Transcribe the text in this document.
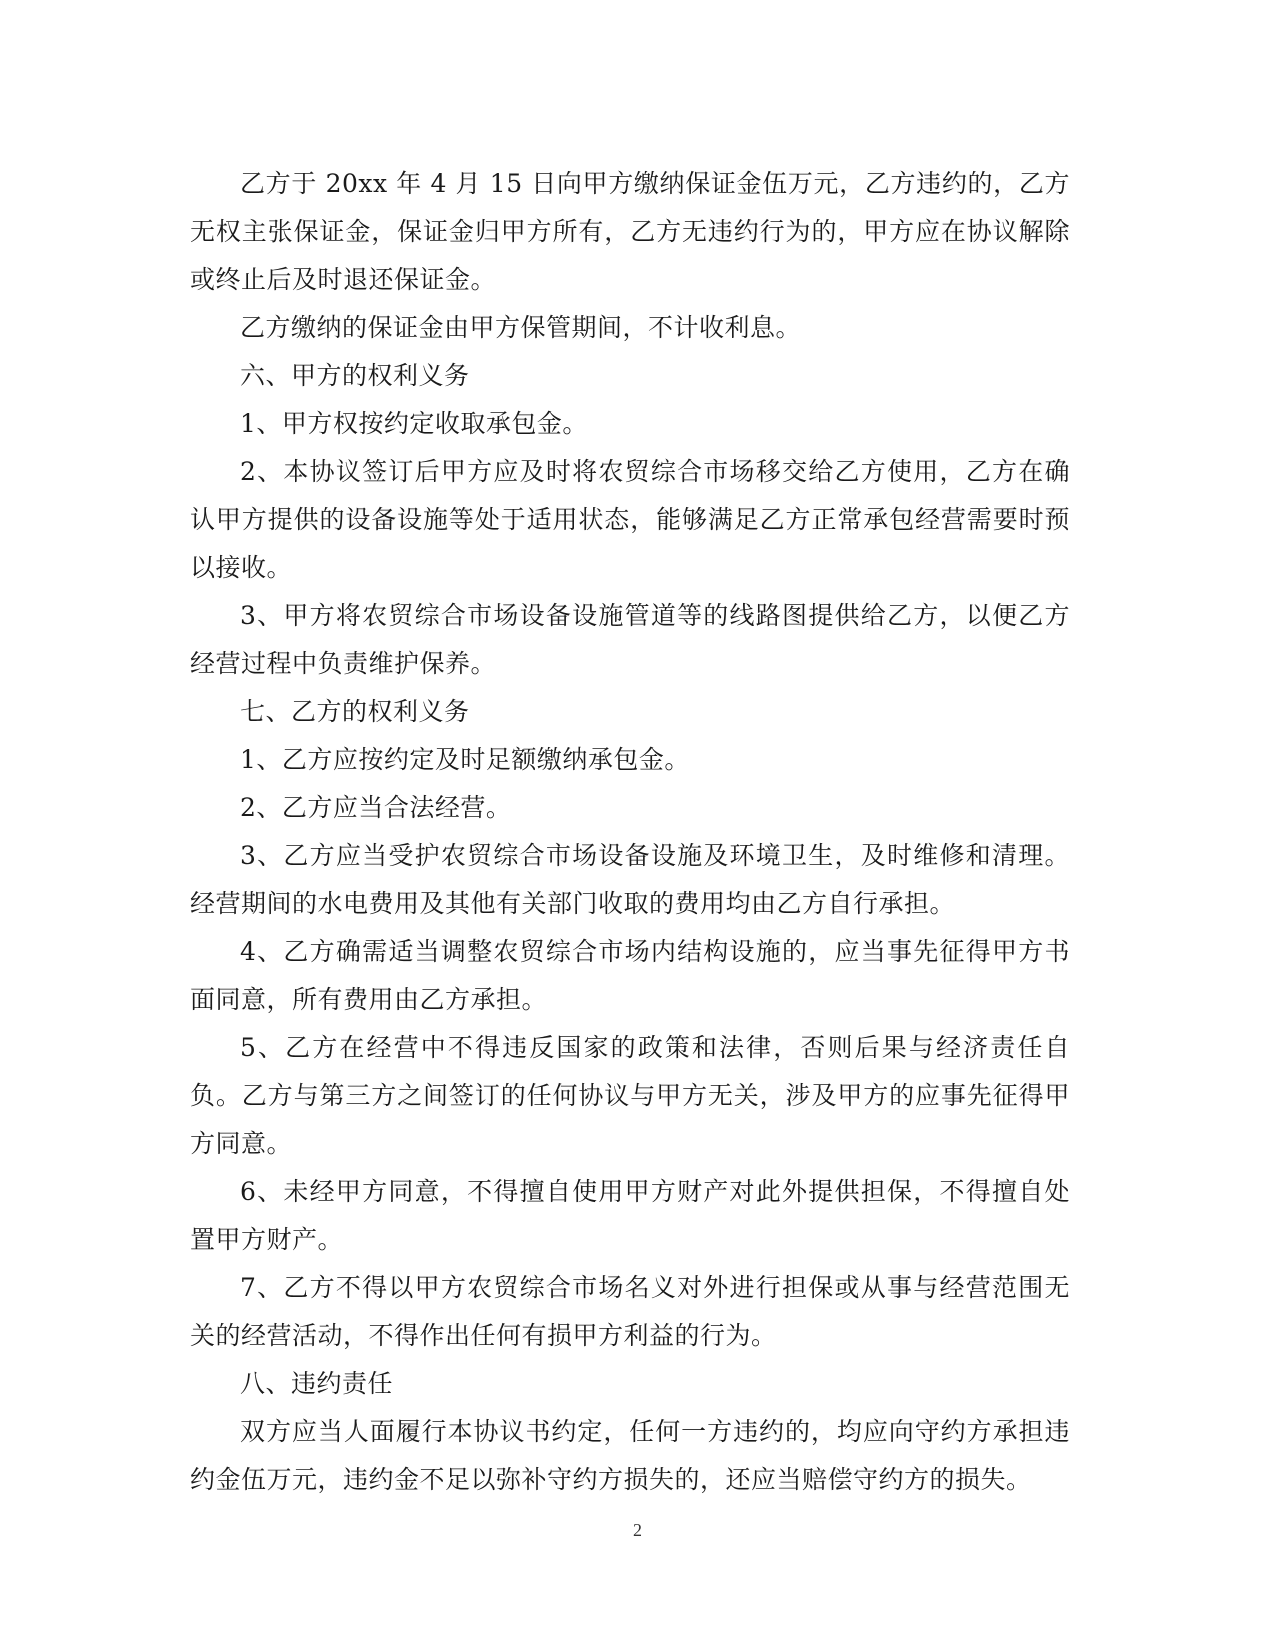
乙方于 20xx 年 4 月 15 日向甲方缴纳保证金伍万元，乙方违约的，乙方无权主张保证金，保证金归甲方所有，乙方无违约行为的，甲方应在协议解除或终止后及时退还保证金。

乙方缴纳的保证金由甲方保管期间，不计收利息。

六、甲方的权利义务

1、甲方权按约定收取承包金。

2、本协议签订后甲方应及时将农贸综合市场移交给乙方使用，乙方在确认甲方提供的设备设施等处于适用状态，能够满足乙方正常承包经营需要时预以接收。

3、甲方将农贸综合市场设备设施管道等的线路图提供给乙方，以便乙方经营过程中负责维护保养。

七、乙方的权利义务

1、乙方应按约定及时足额缴纳承包金。

2、乙方应当合法经营。

3、乙方应当受护农贸综合市场设备设施及环境卫生，及时维修和清理。经营期间的水电费用及其他有关部门收取的费用均由乙方自行承担。

4、乙方确需适当调整农贸综合市场内结构设施的，应当事先征得甲方书面同意，所有费用由乙方承担。

5、乙方在经营中不得违反国家的政策和法律，否则后果与经济责任自负。乙方与第三方之间签订的任何协议与甲方无关，涉及甲方的应事先征得甲方同意。

6、未经甲方同意，不得擅自使用甲方财产对此外提供担保，不得擅自处置甲方财产。

7、乙方不得以甲方农贸综合市场名义对外进行担保或从事与经营范围无关的经营活动，不得作出任何有损甲方利益的行为。

八、违约责任

双方应当人面履行本协议书约定，任何一方违约的，均应向守约方承担违约金伍万元，违约金不足以弥补守约方损失的，还应当赔偿守约方的损失。

2
